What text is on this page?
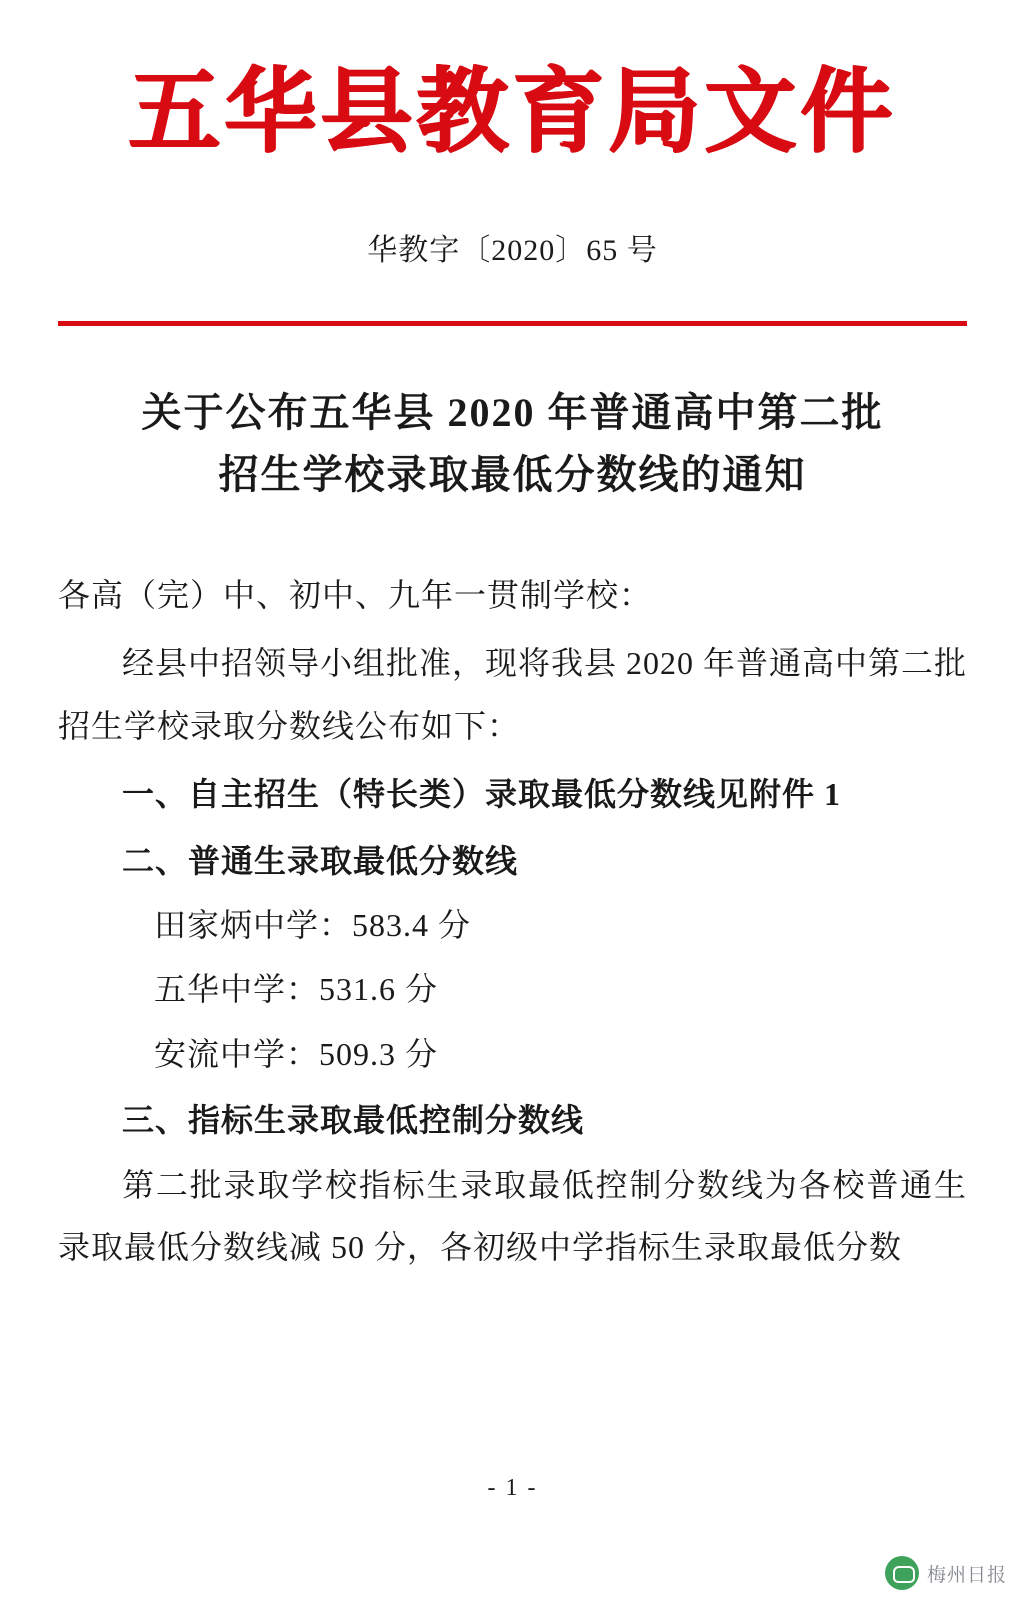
五华县教育局文件
华教字〔2020〕65 号
关于公布五华县 2020 年普通高中第二批
招生学校录取最低分数线的通知

各高（完）中、初中、九年一贯制学校：

经县中招领导小组批准，现将我县 2020 年普通高中第二批招生学校录取分数线公布如下：

一、自主招生（特长类）录取最低分数线见附件 1

二、普通生录取最低分数线

田家炳中学：583.4 分

五华中学：531.6 分

安流中学：509.3 分

三、指标生录取最低控制分数线

第二批录取学校指标生录取最低控制分数线为各校普通生录取最低分数线减 50 分，各初级中学指标生录取最低分数

- 1 -
梅州日报
